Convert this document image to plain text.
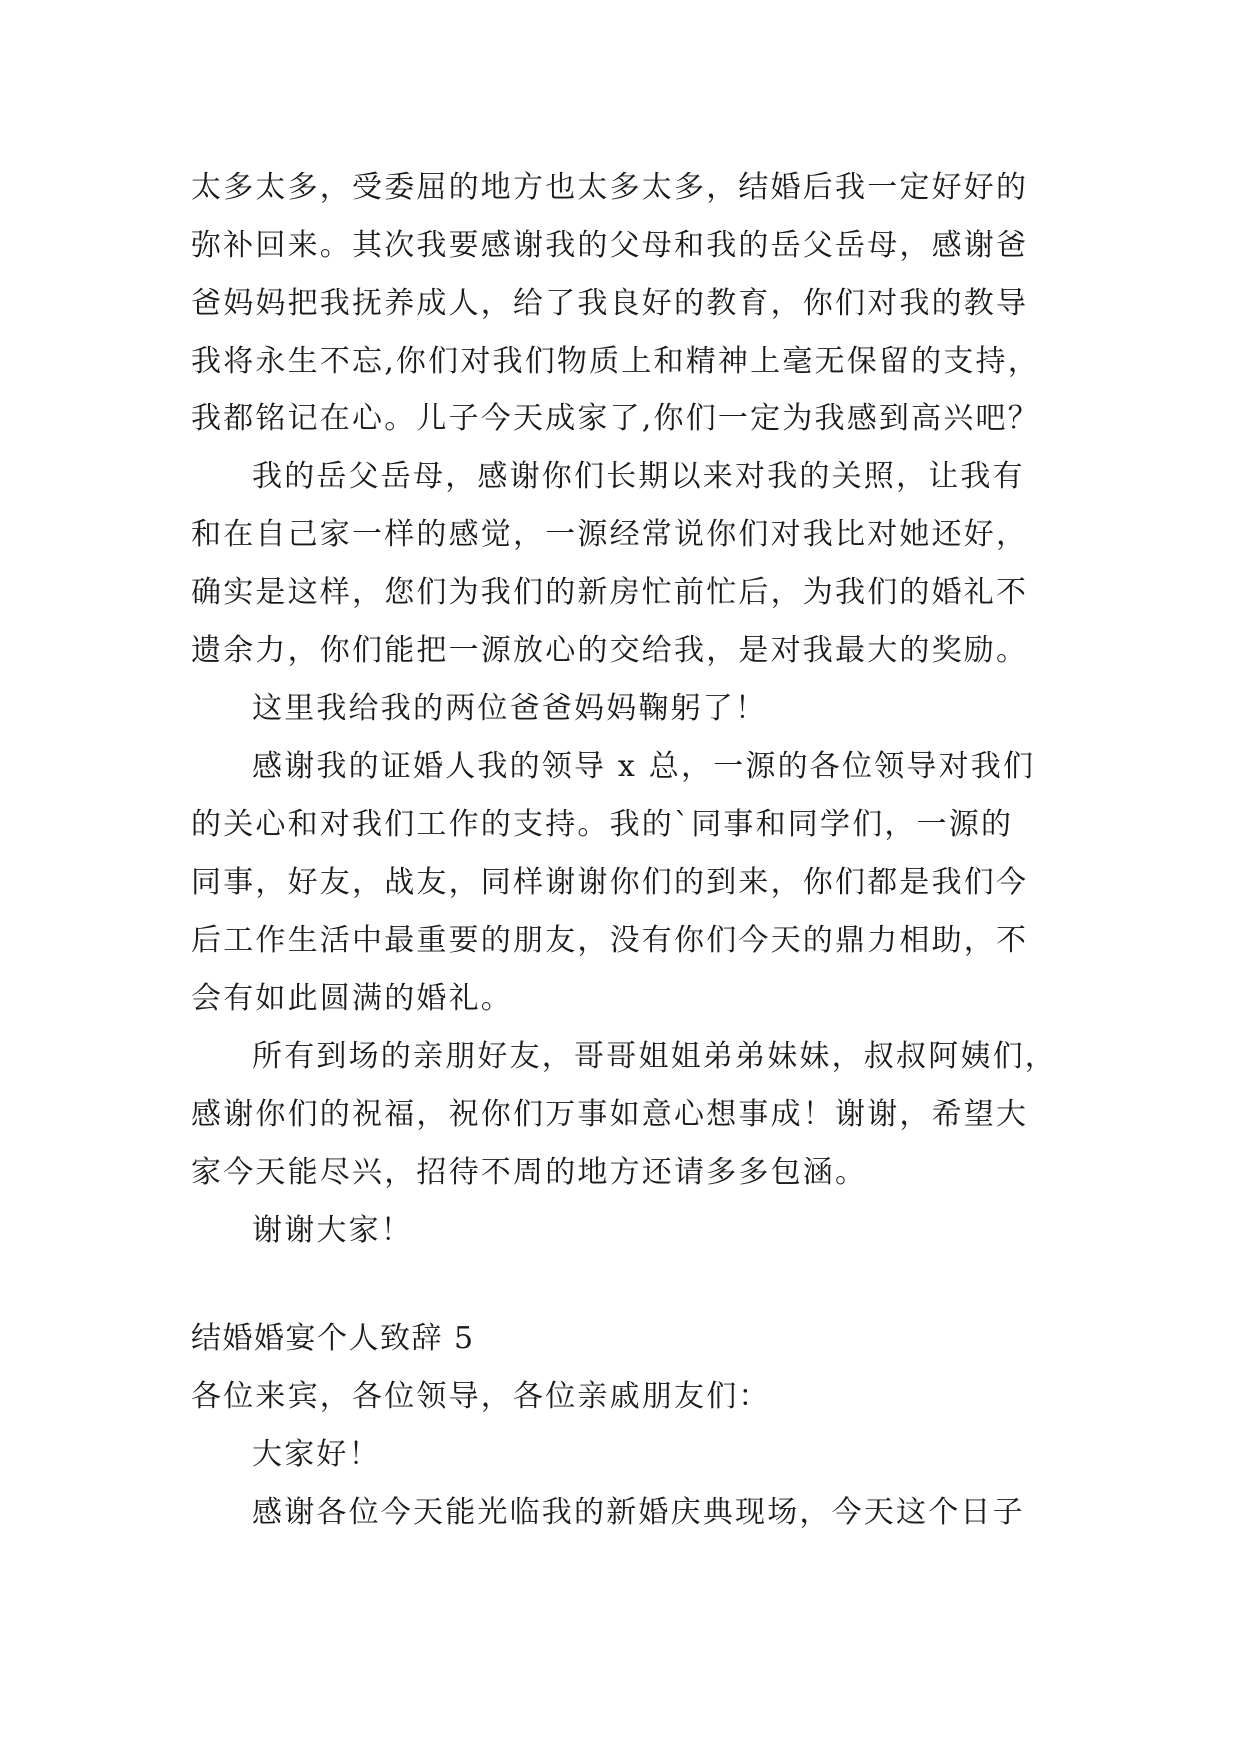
太多太多，受委屈的地方也太多太多，结婚后我一定好好的
弥补回来。其次我要感谢我的父母和我的岳父岳母，感谢爸
爸妈妈把我抚养成人，给了我良好的教育，你们对我的教导
我将永生不忘,你们对我们物质上和精神上毫无保留的支持，
我都铭记在心。儿子今天成家了,你们一定为我感到高兴吧？
我的岳父岳母，感谢你们长期以来对我的关照，让我有
和在自己家一样的感觉，一源经常说你们对我比对她还好，
确实是这样，您们为我们的新房忙前忙后，为我们的婚礼不
遗余力，你们能把一源放心的交给我，是对我最大的奖励。
这里我给我的两位爸爸妈妈鞠躬了！
感谢我的证婚人我的领导 x 总，一源的各位领导对我们
的关心和对我们工作的支持。我的`同事和同学们，一源的
同事，好友，战友，同样谢谢你们的到来，你们都是我们今
后工作生活中最重要的朋友，没有你们今天的鼎力相助，不
会有如此圆满的婚礼。
所有到场的亲朋好友，哥哥姐姐弟弟妹妹，叔叔阿姨们，
感谢你们的祝福，祝你们万事如意心想事成！谢谢，希望大
家今天能尽兴，招待不周的地方还请多多包涵。
谢谢大家！
结婚婚宴个人致辞 5
各位来宾，各位领导，各位亲戚朋友们：
大家好！
感谢各位今天能光临我的新婚庆典现场，今天这个日子
